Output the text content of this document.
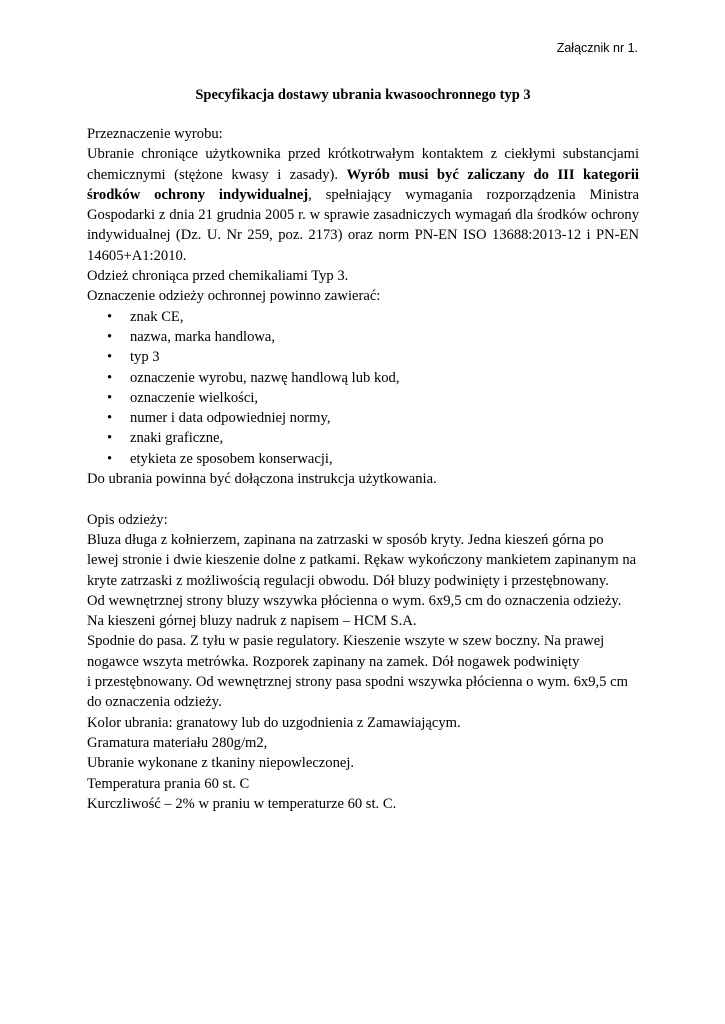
Załącznik nr 1.
Specyfikacja dostawy ubrania kwasoochronnego typ 3

Przeznaczenie wyrobu:

Ubranie chroniące użytkownika przed krótkotrwałym kontaktem z ciekłymi substancjami

chemicznymi (stężone kwasy i zasady). Wyrób musi być zaliczany do III kategorii

środków ochrony indywidualnej, spełniający wymagania rozporządzenia Ministra

Gospodarki z dnia 21 grudnia 2005 r. w sprawie zasadniczych wymagań dla środków ochrony

indywidualnej (Dz. U. Nr 259, poz. 2173) oraz norm PN-EN ISO 13688:2013-12 i PN-EN

14605+A1:2010.

Odzież chroniąca przed chemikaliami Typ 3.

Oznaczenie odzieży ochronnej powinno zawierać:

• znak CE,
• nazwa, marka handlowa,
• typ 3
• oznaczenie wyrobu, nazwę handlową lub kod,
• oznaczenie wielkości,
• numer i data odpowiedniej normy,
• znaki graficzne,
• etykieta ze sposobem konserwacji,

Do ubrania powinna być dołączona instrukcja użytkowania.

Opis odzieży:

Bluza długa z kołnierzem, zapinana na zatrzaski w sposób kryty. Jedna kieszeń górna po

lewej stronie i dwie kieszenie dolne z patkami. Rękaw wykończony mankietem zapinanym na

kryte zatrzaski z możliwością regulacji obwodu. Dół bluzy podwinięty i przestębnowany.

Od wewnętrznej strony bluzy wszywka płócienna o wym. 6x9,5 cm do oznaczenia odzieży.

Na kieszeni górnej bluzy nadruk z napisem – HCM S.A.

Spodnie do pasa. Z tyłu w pasie regulatory. Kieszenie wszyte w szew boczny. Na prawej

nogawce wszyta metrówka. Rozporek zapinany na zamek. Dół nogawek podwinięty

i przestębnowany. Od wewnętrznej strony pasa spodni wszywka płócienna o wym. 6x9,5 cm

do oznaczenia odzieży.

Kolor ubrania: granatowy lub do uzgodnienia z Zamawiającym.

Gramatura materiału 280g/m2,

Ubranie wykonane z tkaniny niepowleczonej.

Temperatura prania 60 st. C

Kurczliwość – 2% w praniu w temperaturze 60 st. C.
